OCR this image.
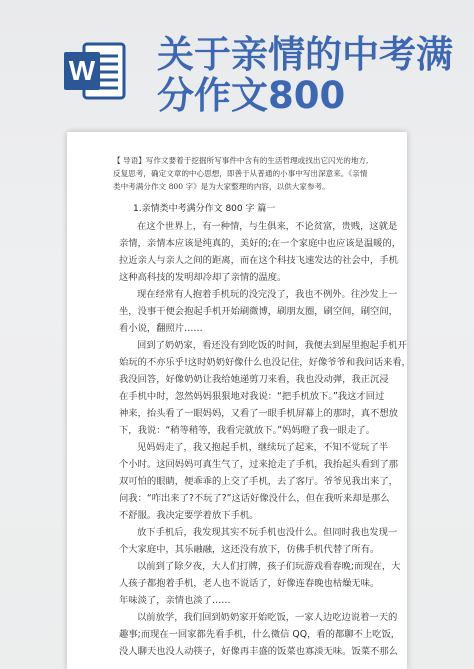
W 关于亲情的中考满
分作文800
【 导语】写作文要着于挖掘所写事件中含有的生活哲理或找出它闪光的地方,
反复思考，确定文章的中心思想，即善于从普通的小事中写出深意来。《亲情
类中考满分作文 800 字》是为大家整理的内容，以供大家参考。
1.亲情类中考满分作文 800 字 篇一
在这个世界上，有一种情，与生俱来，不论贫富，贵贱，这就是
亲情，亲情本应该是纯真的，美好的;在一个家庭中也应该是温暖的，
拉近亲人与亲人之间的距离，而在这个科技飞速发达的社会中，手机
这种高科技的发明却冷却了亲情的温度。
现在经常有人抱着手机玩的没完没了，我也不例外。往沙发上一
坐，没事干便会抱起手机开始刷微博，刷朋友圈，刷空间，刷空间，
看小说，翻照片……
回到了奶奶家，看还没有到吃饭的时间，我便去到屋里抱起手机开
始玩的不亦乐乎!这时奶奶好像什么也没记住，好像爷爷和我问话来看，
我没回答，好像奶奶让我给她递剪刀来看，我也没动弹，我正沉浸
在手机中时，忽然妈妈狠狠地对我说：“把手机放下。”我这才回过
神来，抬头看了一眼妈妈，又看了一眼手机屏幕上的那时，真不想放
下，我说：“稍等稍等，我看完就放下。”妈妈瞪了我一眼走了。
见妈妈走了，我又抱起手机，继续玩了起来，不知不觉玩了半
个小时。这回妈妈可真生气了，过来抢走了手机，我抬起头看到了那
双可怕的眼睛，便乖乖的上交了手机，去了客厅。爷爷见我出来了，
问我：“咋出来了?不玩了?”这话好像没什么，但在我听来却是那么
不舒服。我决定要学着放下手机。
放下手机后，我发现其实不玩手机也没什么。但同时我也发现一
个大家庭中，其乐融融，这还没有放下，仿佛手机代替了所有。
以前到了除夕夜，大人们打牌，孩子们玩游戏看春晚;而现在，大
人孩子都抱着手机，老人也不说话了，好像连春晚也枯燥无味。
年味淡了，亲情也淡了……
以前放学，我们回到奶奶家开始吃饭，一家人边吃边说着一天的
趣事;而现在一回家都先看手机，什么微信 QQ，看的都聊不上吃饭，
没人聊天也没人动筷子，好像再丰盛的饭菜也寡淡无味。饭菜不那么
